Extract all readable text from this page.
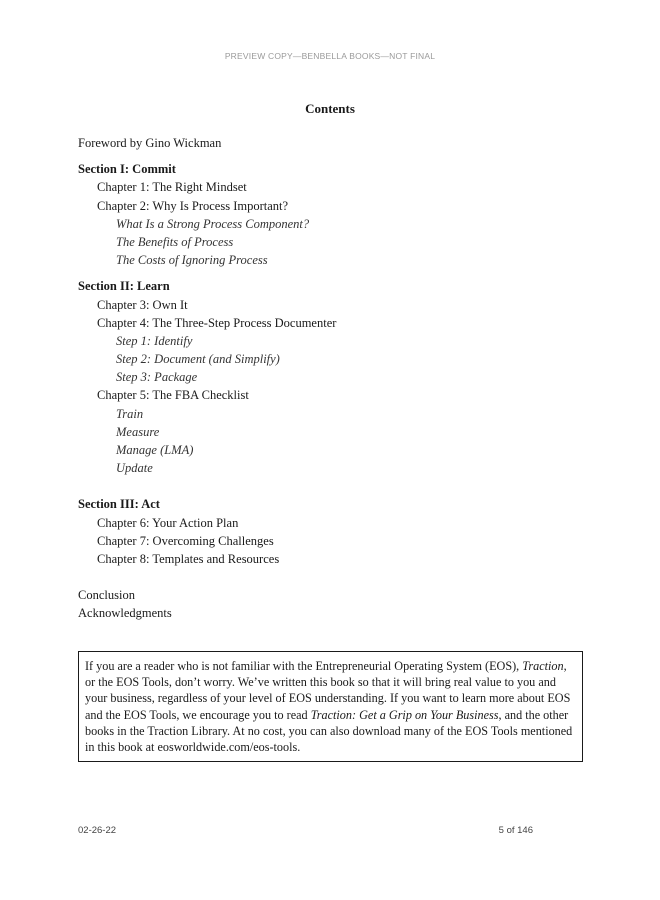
PREVIEW COPY—BENBELLA BOOKS—NOT FINAL
Contents
Foreword by Gino Wickman
Section I: Commit
Chapter 1: The Right Mindset
Chapter 2: Why Is Process Important?
What Is a Strong Process Component?
The Benefits of Process
The Costs of Ignoring Process
Section II: Learn
Chapter 3: Own It
Chapter 4: The Three-Step Process Documenter
Step 1: Identify
Step 2: Document (and Simplify)
Step 3: Package
Chapter 5: The FBA Checklist
Train
Measure
Manage (LMA)
Update
Section III: Act
Chapter 6: Your Action Plan
Chapter 7: Overcoming Challenges
Chapter 8: Templates and Resources
Conclusion
Acknowledgments
If you are a reader who is not familiar with the Entrepreneurial Operating System (EOS), Traction, or the EOS Tools, don’t worry. We’ve written this book so that it will bring real value to you and your business, regardless of your level of EOS understanding. If you want to learn more about EOS and the EOS Tools, we encourage you to read Traction: Get a Grip on Your Business, and the other books in the Traction Library. At no cost, you can also download many of the EOS Tools mentioned in this book at eosworldwide.com/eos-tools.
02-26-22	5 of 146
